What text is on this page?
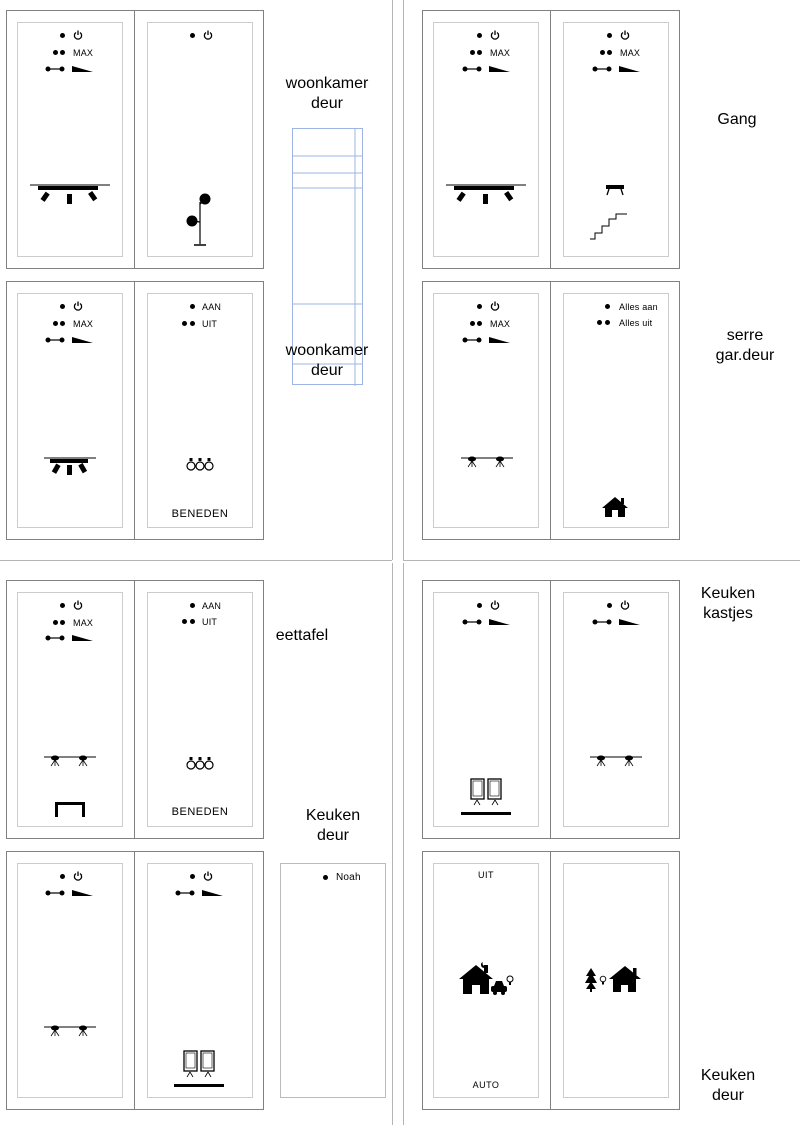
MAX
MAX
AAN
UIT
BENEDEN
woonkamer
deur
woonkamer
deur
MAX	MAX
Gang
MAX
Alles aan
Alles uit
serre
gar.deur
MAX
AAN
UIT
BENEDEN
eettafel
Keuken
deur
Noah
Keuken
kastjes
UIT
AUTO
Keuken
deur
